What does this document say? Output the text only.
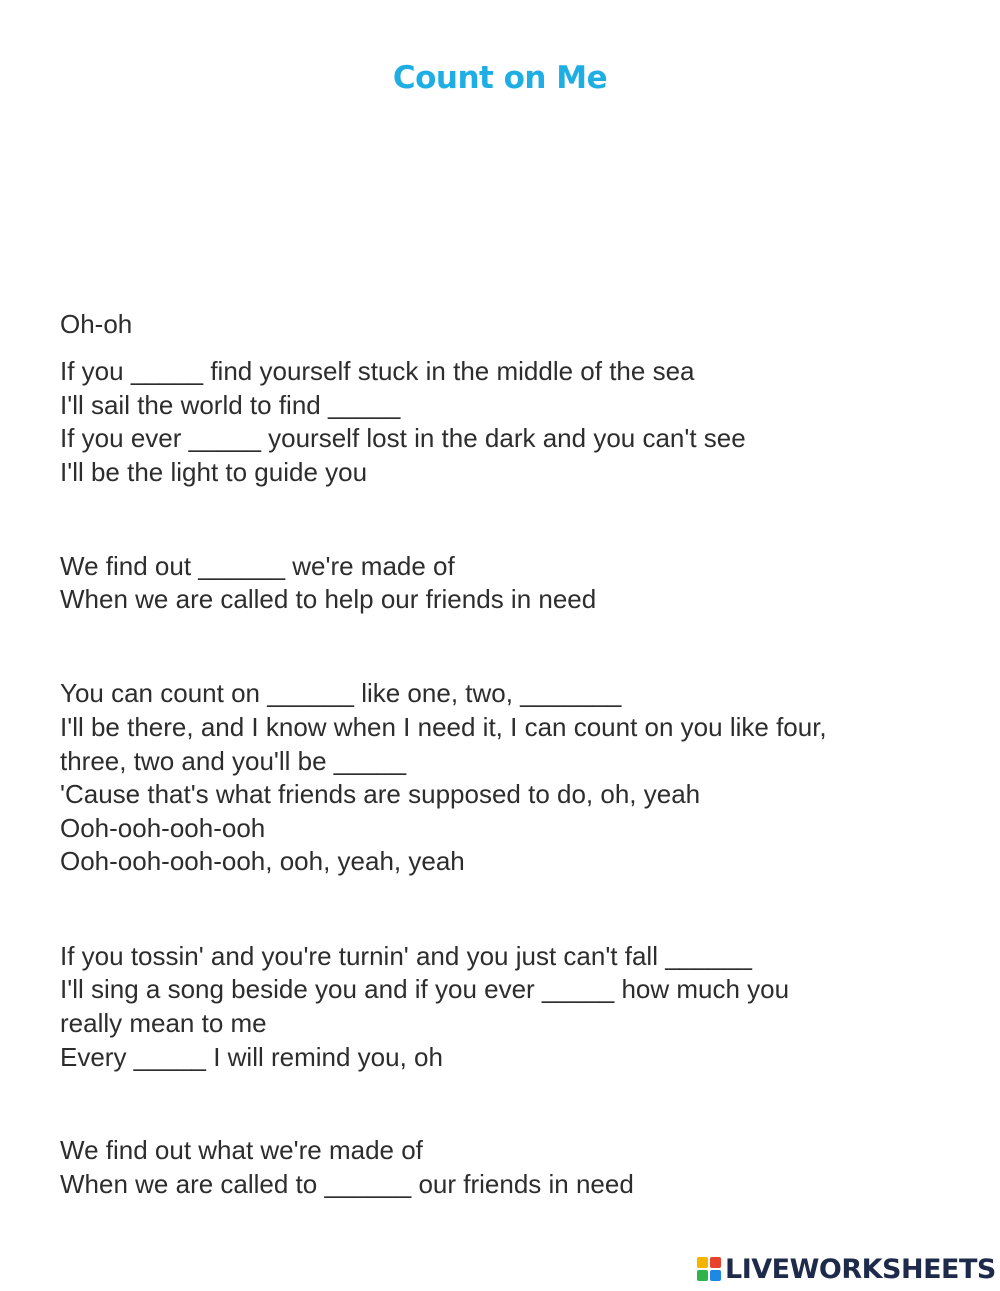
Count on Me
Oh-oh
If you _____ find yourself stuck in the middle of the sea
I'll sail the world to find _____
If you ever _____ yourself lost in the dark and you can't see
I'll be the light to guide you
We find out ______ we're made of
When we are called to help our friends in need
You can count on ______ like one, two, _______
I'll be there, and I know when I need it, I can count on you like four,
three, two and you'll be _____
'Cause that's what friends are supposed to do, oh, yeah
Ooh-ooh-ooh-ooh
Ooh-ooh-ooh-ooh, ooh, yeah, yeah
If you tossin' and you're turnin' and you just can't fall ______
I'll sing a song beside you and if you ever _____ how much you
really mean to me
Every _____ I will remind you, oh
We find out what we're made of
When we are called to ______ our friends in need
LIVEWORKSHEETS
